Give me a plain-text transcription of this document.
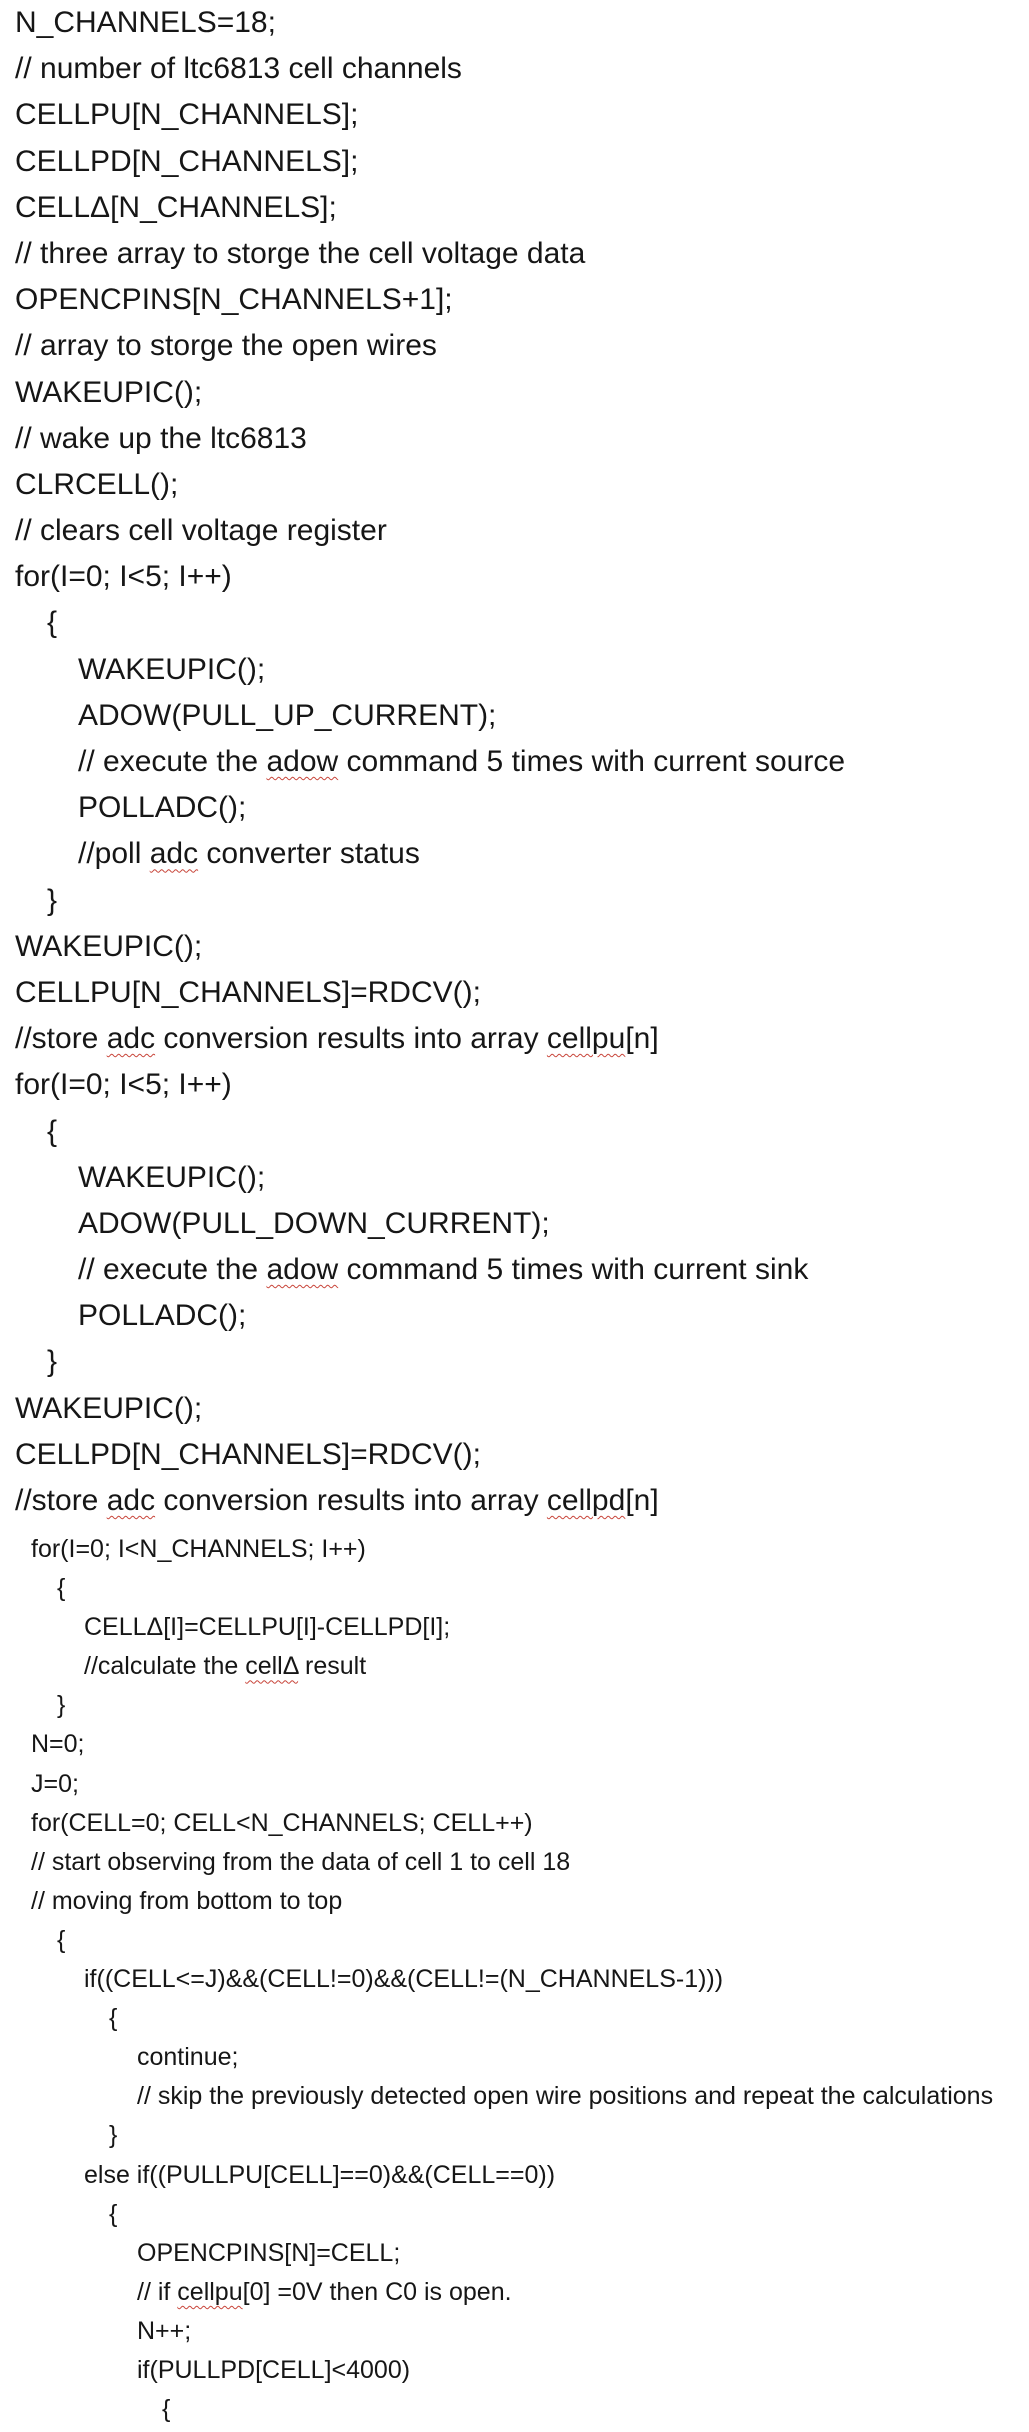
N_CHANNELS=18;
// number of ltc6813 cell channels
CELLPU[N_CHANNELS];
CELLPD[N_CHANNELS];
CELLΔ[N_CHANNELS];
// three array to storge the cell voltage data
OPENCPINS[N_CHANNELS+1];
// array to storge the open wires
WAKEUPIC();
// wake up the ltc6813
CLRCELL();
// clears cell voltage register
for(I=0; I<5; I++)
{
WAKEUPIC();
ADOW(PULL_UP_CURRENT);
// execute the adow command 5 times with current source
POLLADC();
//poll adc converter status
}
WAKEUPIC();
CELLPU[N_CHANNELS]=RDCV();
//store adc conversion results into array cellpu[n]
for(I=0; I<5; I++)
{
WAKEUPIC();
ADOW(PULL_DOWN_CURRENT);
// execute the adow command 5 times with current sink
POLLADC();
}
WAKEUPIC();
CELLPD[N_CHANNELS]=RDCV();
//store adc conversion results into array cellpd[n]
for(I=0; I<N_CHANNELS; I++)
{
CELLΔ[I]=CELLPU[I]-CELLPD[I];
//calculate the cellΔ result
}
N=0;
J=0;
for(CELL=0; CELL<N_CHANNELS; CELL++)
// start observing from the data of cell 1 to cell 18
// moving from bottom to top
{
if((CELL<=J)&&(CELL!=0)&&(CELL!=(N_CHANNELS-1)))
{
continue;
// skip the previously detected open wire positions and repeat the calculations
}
else if((PULLPU[CELL]==0)&&(CELL==0))
{
OPENCPINS[N]=CELL;
// if cellpu[0] =0V then C0 is open.
N++;
if(PULLPD[CELL]<4000)
{
